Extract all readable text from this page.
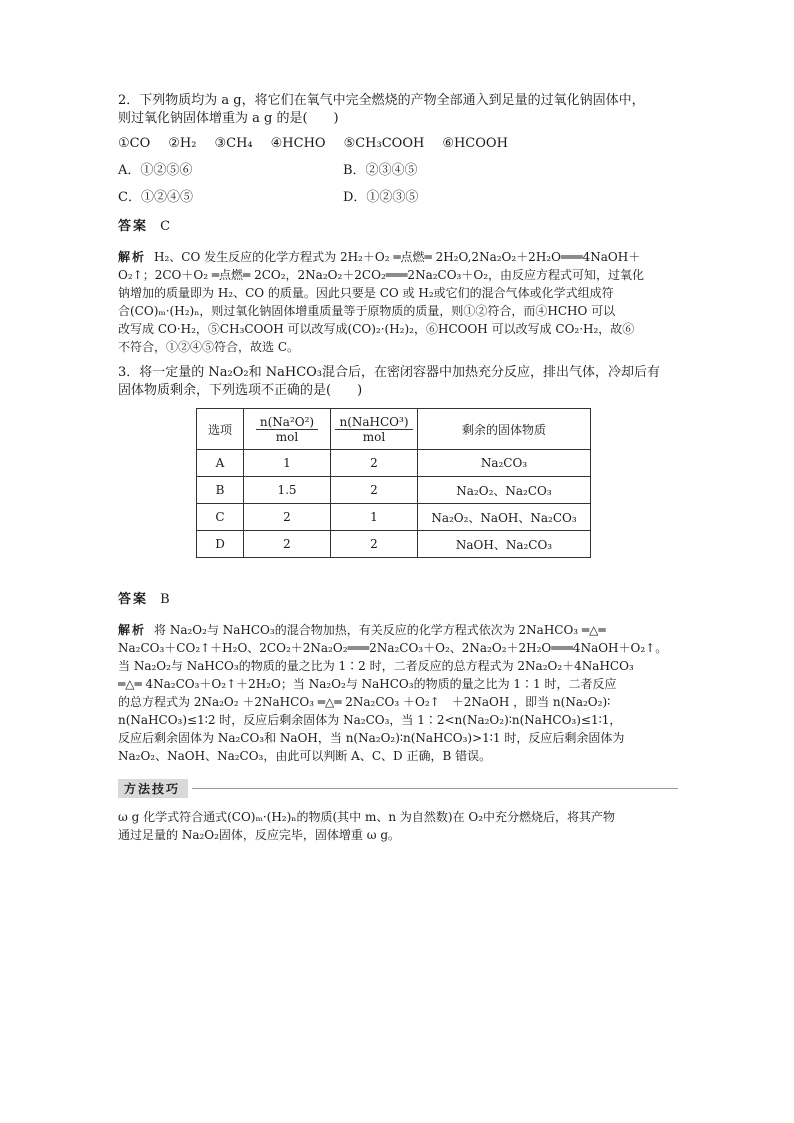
2．下列物质均为 a g，将它们在氧气中完全燃烧的产物全部通入到足量的过氧化钠固体中，
则过氧化钠固体增重为 a g 的是(　　)
①CO ②H₂ ③CH₄ ④HCHO ⑤CH₃COOH ⑥HCOOH
A．①②⑤⑥	B．②③④⑤
C．①②④⑤	D．①②③⑤
答案 C
解析 H₂、CO 发生反应的化学方程式为 2H₂＋O₂ ═点燃═ 2H₂O,2Na₂O₂＋2H₂O═══4NaOH＋
O₂↑；2CO＋O₂ ═点燃═ 2CO₂，2Na₂O₂＋2CO₂═══2Na₂CO₃＋O₂，由反应方程式可知，过氧化
钠增加的质量即为 H₂、CO 的质量。因此只要是 CO 或 H₂或它们的混合气体或化学式组成符
合(CO)ₘ·(H₂)ₙ，则过氧化钠固体增重质量等于原物质的质量，则①②符合，而④HCHO 可以
改写成 CO·H₂，⑤CH₃COOH 可以改写成(CO)₂·(H₂)₂，⑥HCOOH 可以改写成 CO₂·H₂，故⑥
不符合，①②④⑤符合，故选 C。
3．将一定量的 Na₂O₂和 NaHCO₃混合后，在密闭容器中加热充分反应，排出气体，冷却后有
固体物质剩余，下列选项不正确的是(　　)
选项	$\frac{\text{n(Na²O²)}}{\text{mol}}$	$\frac{\text{n(NaHCO³)}}{\text{mol}}$	剩余的固体物质
A	1	2	Na₂CO₃
B	1.5	2	Na₂O₂、Na₂CO₃
C	2	1	Na₂O₂、NaOH、Na₂CO₃
D	2	2	NaOH、Na₂CO₃
答案 B
解析 将 Na₂O₂与 NaHCO₃的混合物加热，有关反应的化学方程式依次为 2NaHCO₃ ═△═
Na₂CO₃＋CO₂↑＋H₂O、2CO₂＋2Na₂O₂═══2Na₂CO₃＋O₂、2Na₂O₂＋2H₂O═══4NaOH＋O₂↑。
当 Na₂O₂与 NaHCO₃的物质的量之比为 1∶2 时，二者反应的总方程式为 2Na₂O₂＋4NaHCO₃
═△═ 4Na₂CO₃＋O₂↑＋2H₂O；当 Na₂O₂与 NaHCO₃的物质的量之比为 1∶1 时，二者反应
的总方程式为 2Na₂O₂ ＋2NaHCO₃ ═△═ 2Na₂CO₃ ＋O₂↑　＋2NaOH ，即当 n(Na₂O₂)∶
n(NaHCO₃)≤1∶2 时，反应后剩余固体为 Na₂CO₃，当 1∶2<n(Na₂O₂)∶n(NaHCO₃)≤1∶1，
反应后剩余固体为 Na₂CO₃和 NaOH，当 n(Na₂O₂)∶n(NaHCO₃)>1∶1 时，反应后剩余固体为
Na₂O₂、NaOH、Na₂CO₃，由此可以判断 A、C、D 正确，B 错误。
方法技巧
ω g 化学式符合通式(CO)ₘ·(H₂)ₙ的物质(其中 m、n 为自然数)在 O₂中充分燃烧后，将其产物
通过足量的 Na₂O₂固体，反应完毕，固体增重 ω g。
